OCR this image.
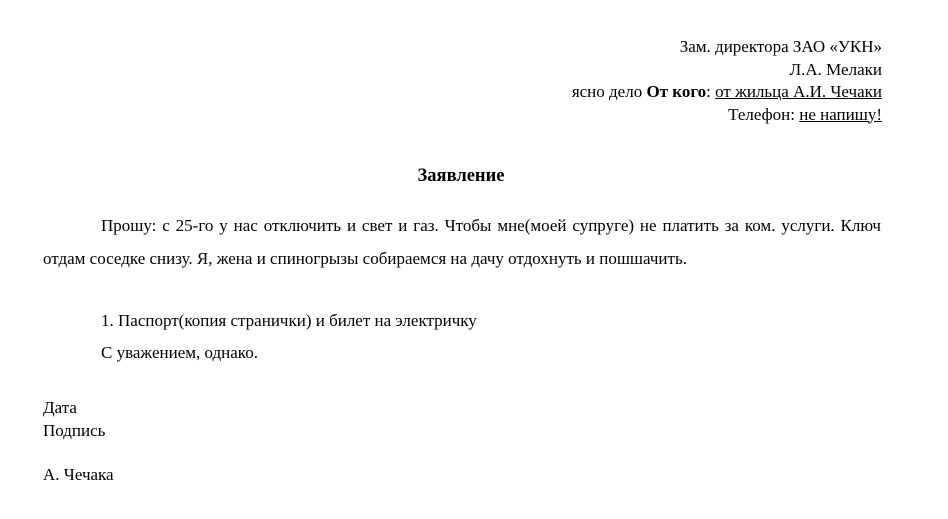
Зам. директора ЗАО «УКН»
Л.А. Мелаки
ясно дело От кого: от жильца А.И. Чечаки
Телефон: не напишу!
Заявление
Прошу: с 25-го у нас отключить и свет и газ. Чтобы мне(моей супруге) не платить за ком. услуги. Ключ отдам соседке снизу. Я, жена и спиногрызы собираемся на дачу отдохнуть и пошшачить.
1. Паспорт(копия странички) и билет на электричку
С уважением, однако.
Дата
Подпись
А. Чечака
